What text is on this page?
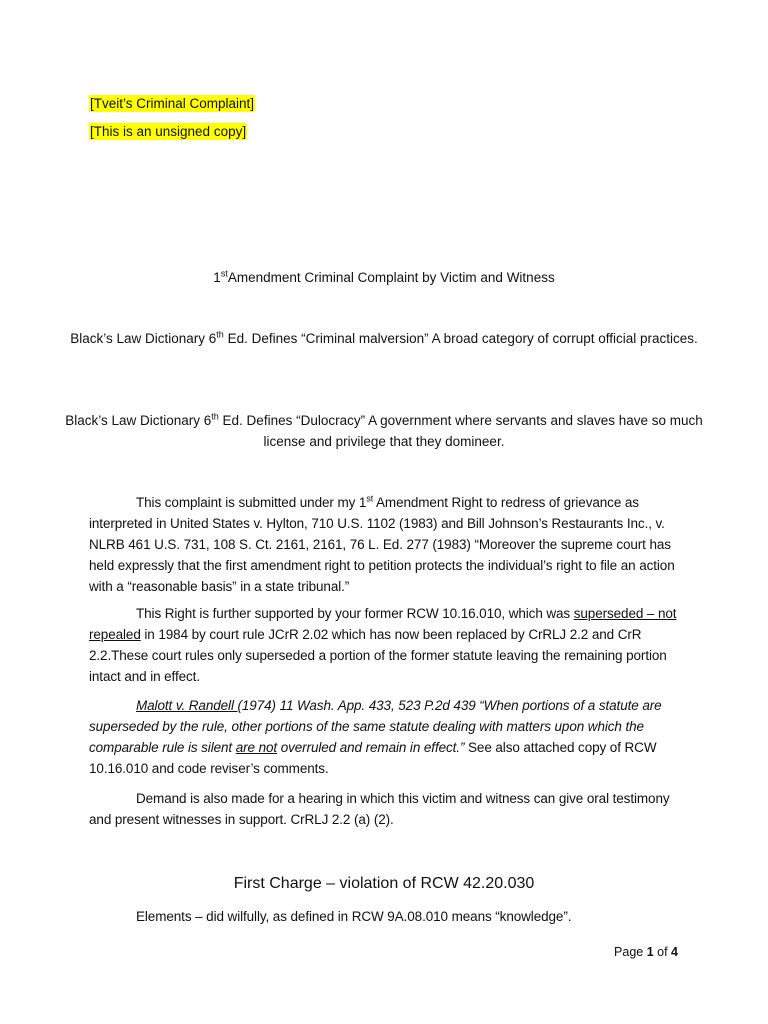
[Tveit’s Criminal Complaint]
[This is an unsigned copy]
1stAmendment Criminal Complaint by Victim and Witness
Black’s Law Dictionary 6th Ed. Defines “Criminal malversion” A broad category of corrupt official practices.
Black’s Law Dictionary 6th Ed. Defines “Dulocracy” A government where servants and slaves have so much license and privilege that they domineer.
This complaint is submitted under my 1st Amendment Right to redress of grievance as interpreted in United States v. Hylton, 710 U.S. 1102 (1983) and Bill Johnson’s Restaurants Inc., v. NLRB 461 U.S. 731, 108 S. Ct. 2161, 2161, 76 L. Ed. 277 (1983) “Moreover the supreme court has held expressly that the first amendment right to petition protects the individual’s right to file an action with a “reasonable basis” in a state tribunal.”
This Right is further supported by your former RCW 10.16.010, which was superseded – not repealed in 1984 by court rule JCrR 2.02 which has now been replaced by CrRLJ 2.2 and CrR 2.2.These court rules only superseded a portion of the former statute leaving the remaining portion intact and in effect.
Malott v. Randell (1974) 11 Wash. App. 433, 523 P.2d 439 “When portions of a statute are superseded by the rule, other portions of the same statute dealing with matters upon which the comparable rule is silent are not overruled and remain in effect.” See also attached copy of RCW 10.16.010 and code reviser’s comments.
Demand is also made for a hearing in which this victim and witness can give oral testimony and present witnesses in support. CrRLJ 2.2 (a) (2).
First Charge – violation of RCW 42.20.030
Elements – did wilfully, as defined in RCW 9A.08.010 means “knowledge”.
Page 1 of 4
